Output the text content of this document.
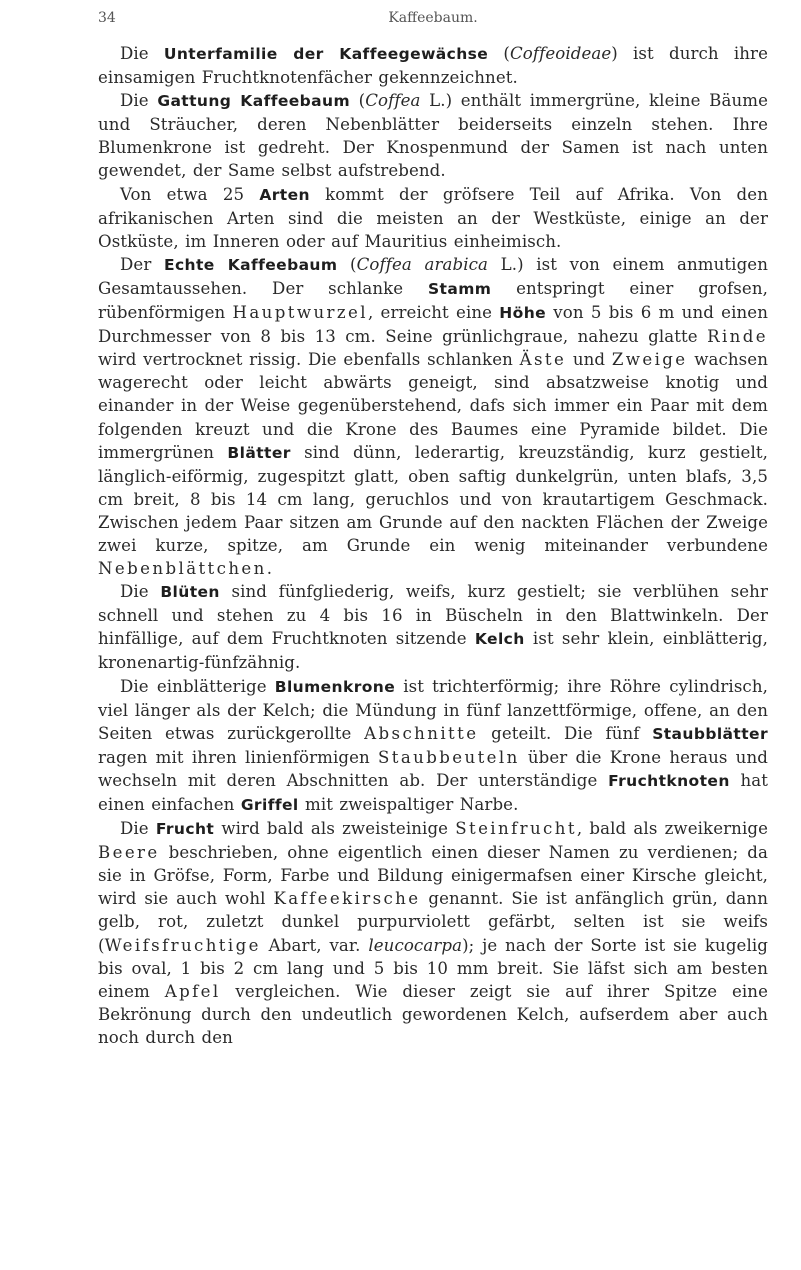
34	Kaffeebaum.

Die Unterfamilie der Kaffeegewächse (Coffeoideae) ist durch ihre einsamigen Fruchtknotenfächer gekennzeichnet.

Die Gattung Kaffeebaum (Coffea L.) enthält immergrüne, kleine Bäume und Sträucher, deren Nebenblätter beiderseits einzeln stehen. Ihre Blumenkrone ist gedreht. Der Knospenmund der Samen ist nach unten gewendet, der Same selbst aufstrebend.

Von etwa 25 Arten kommt der gröfsere Teil auf Afrika. Von den afrikanischen Arten sind die meisten an der Westküste, einige an der Ostküste, im Inneren oder auf Mauritius einheimisch.

Der Echte Kaffeebaum (Coffea arabica L.) ist von einem anmutigen Gesamtaussehen. Der schlanke Stamm entspringt einer grofsen, rübenförmigen Hauptwurzel, erreicht eine Höhe von 5 bis 6 m und einen Durchmesser von 8 bis 13 cm. Seine grünlichgraue, nahezu glatte Rinde wird vertrocknet rissig. Die ebenfalls schlanken Äste und Zweige wachsen wagerecht oder leicht abwärts geneigt, sind absatzweise knotig und einander in der Weise gegenüberstehend, dafs sich immer ein Paar mit dem folgenden kreuzt und die Krone des Baumes eine Pyramide bildet. Die immergrünen Blätter sind dünn, lederartig, kreuzständig, kurz gestielt, länglich-eiförmig, zugespitzt glatt, oben saftig dunkelgrün, unten blafs, 3,5 cm breit, 8 bis 14 cm lang, geruchlos und von krautartigem Geschmack. Zwischen jedem Paar sitzen am Grunde auf den nackten Flächen der Zweige zwei kurze, spitze, am Grunde ein wenig miteinander verbundene Nebenblättchen.

Die Blüten sind fünfgliederig, weifs, kurz gestielt; sie verblühen sehr schnell und stehen zu 4 bis 16 in Büscheln in den Blattwinkeln. Der hinfällige, auf dem Fruchtknoten sitzende Kelch ist sehr klein, einblätterig, kronenartig-fünfzähnig.

Die einblätterige Blumenkrone ist trichterförmig; ihre Röhre cylindrisch, viel länger als der Kelch; die Mündung in fünf lanzettförmige, offene, an den Seiten etwas zurückgerollte Abschnitte geteilt. Die fünf Staubblätter ragen mit ihren linienförmigen Staubbeuteln über die Krone heraus und wechseln mit deren Abschnitten ab. Der unterständige Fruchtknoten hat einen einfachen Griffel mit zweispaltiger Narbe.

Die Frucht wird bald als zweisteinige Steinfrucht, bald als zweikernige Beere beschrieben, ohne eigentlich einen dieser Namen zu verdienen; da sie in Gröfse, Form, Farbe und Bildung einigermafsen einer Kirsche gleicht, wird sie auch wohl Kaffeekirsche genannt. Sie ist anfänglich grün, dann gelb, rot, zuletzt dunkel purpurviolett gefärbt, selten ist sie weifs (Weifsfruchtige Abart, var. leucocarpa); je nach der Sorte ist sie kugelig bis oval, 1 bis 2 cm lang und 5 bis 10 mm breit. Sie läfst sich am besten einem Apfel vergleichen. Wie dieser zeigt sie auf ihrer Spitze eine Bekrönung durch den undeutlich gewordenen Kelch, aufserdem aber auch noch durch den
